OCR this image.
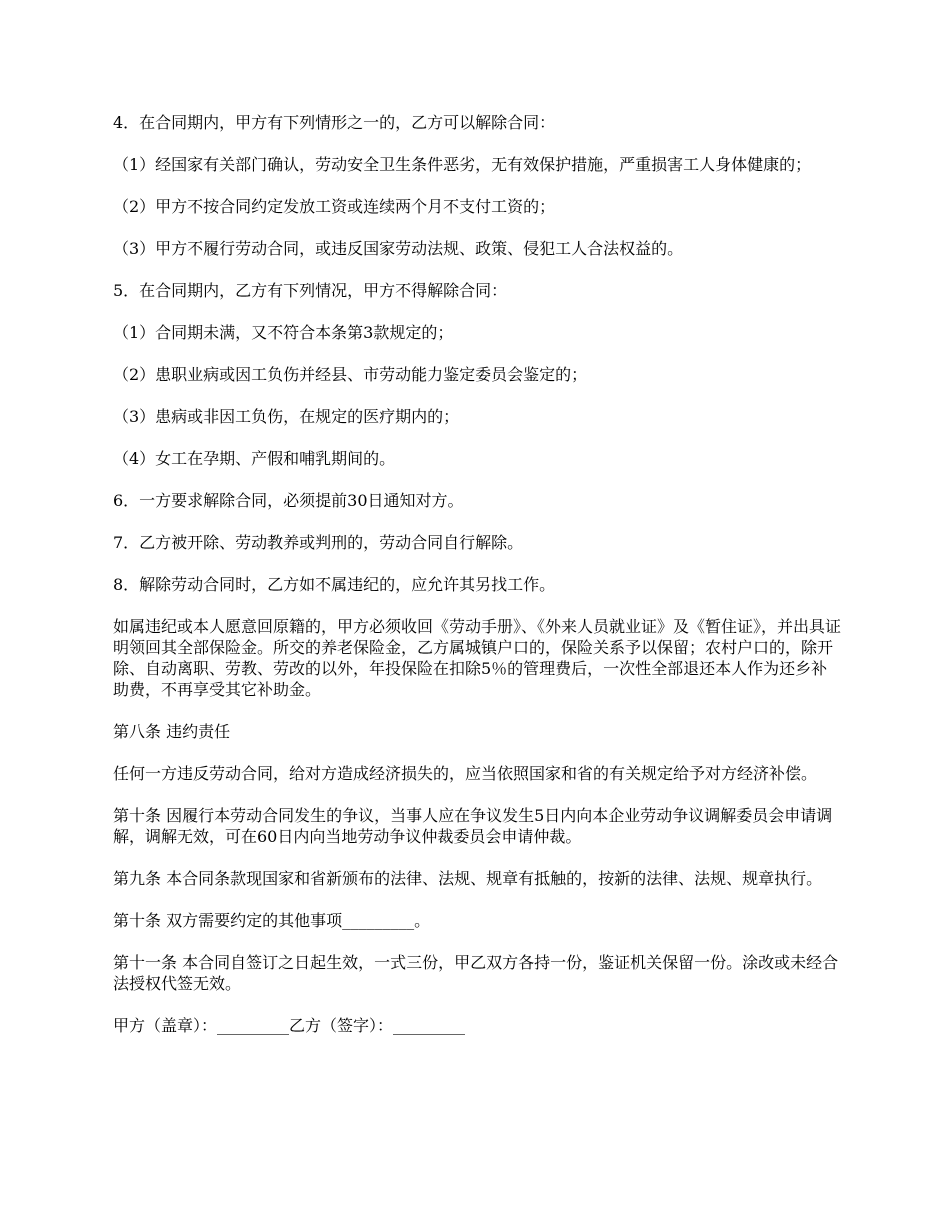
4．在合同期内，甲方有下列情形之一的，乙方可以解除合同：

（1）经国家有关部门确认，劳动安全卫生条件恶劣，无有效保护措施，严重损害工人身体健康的；

（2）甲方不按合同约定发放工资或连续两个月不支付工资的；

（3）甲方不履行劳动合同，或违反国家劳动法规、政策、侵犯工人合法权益的。

5．在合同期内，乙方有下列情况，甲方不得解除合同：

（1）合同期未满，又不符合本条第3款规定的；

（2）患职业病或因工负伤并经县、市劳动能力鉴定委员会鉴定的；

（3）患病或非因工负伤，在规定的医疗期内的；

（4）女工在孕期、产假和哺乳期间的。

6．一方要求解除合同，必须提前30日通知对方。

7．乙方被开除、劳动教养或判刑的，劳动合同自行解除。

8．解除劳动合同时，乙方如不属违纪的，应允许其另找工作。

如属违纪或本人愿意回原籍的，甲方必须收回《劳动手册》、《外来人员就业证》及《暂住证》，并出具证明领回其全部保险金。所交的养老保险金，乙方属城镇户口的，保险关系予以保留；农村户口的，除开除、自动离职、劳教、劳改的以外，年投保险在扣除5％的管理费后，一次性全部退还本人作为还乡补助费，不再享受其它补助金。

第八条 违约责任

任何一方违反劳动合同，给对方造成经济损失的，应当依照国家和省的有关规定给予对方经济补偿。

第十条 因履行本劳动合同发生的争议，当事人应在争议发生5日内向本企业劳动争议调解委员会申请调解，调解无效，可在60日内向当地劳动争议仲裁委员会申请仲裁。

第九条 本合同条款现国家和省新颁布的法律、法规、规章有抵触的，按新的法律、法规、规章执行。

第十条 双方需要约定的其他事项_________。

第十一条 本合同自签订之日起生效，一式三份，甲乙双方各持一份，鉴证机关保留一份。涂改或未经合法授权代签无效。

甲方（盖章）：_________乙方（签字）：_________
